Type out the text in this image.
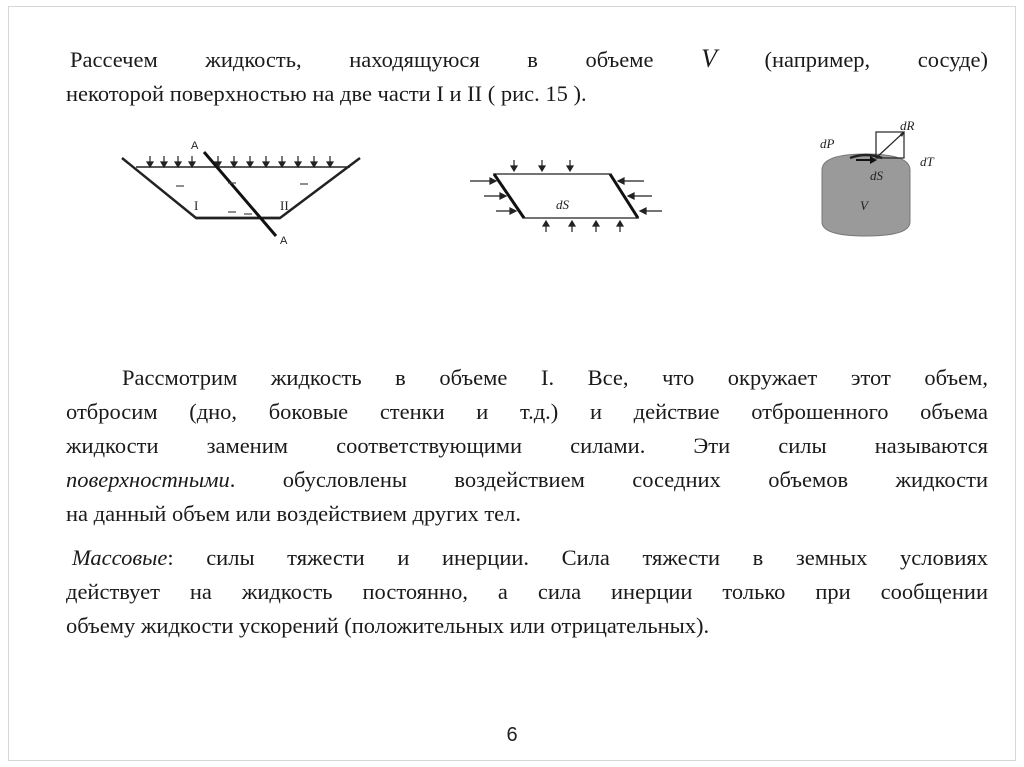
Рассечем жидкость, находящуюся в объеме V (например, сосуде)
некоторой поверхностью на две части I и II ( рис. 15 ).
A
A
I	II	dS
dR
dP
dT
dS
V
Рассмотрим жидкость в объеме I. Все, что окружает этот объем,
отбросим (дно, боковые стенки и т.д.) и действие отброшенного объема
жидкости заменим соответствующими силами. Эти силы называются
поверхностными. обусловлены воздействием соседних объемов жидкости
на данный объем или воздействием других тел.
Массовые: силы тяжести и инерции. Сила тяжести в земных условиях
действует на жидкость постоянно, а сила инерции только при сообщении
объему жидкости ускорений (положительных или отрицательных).
6
